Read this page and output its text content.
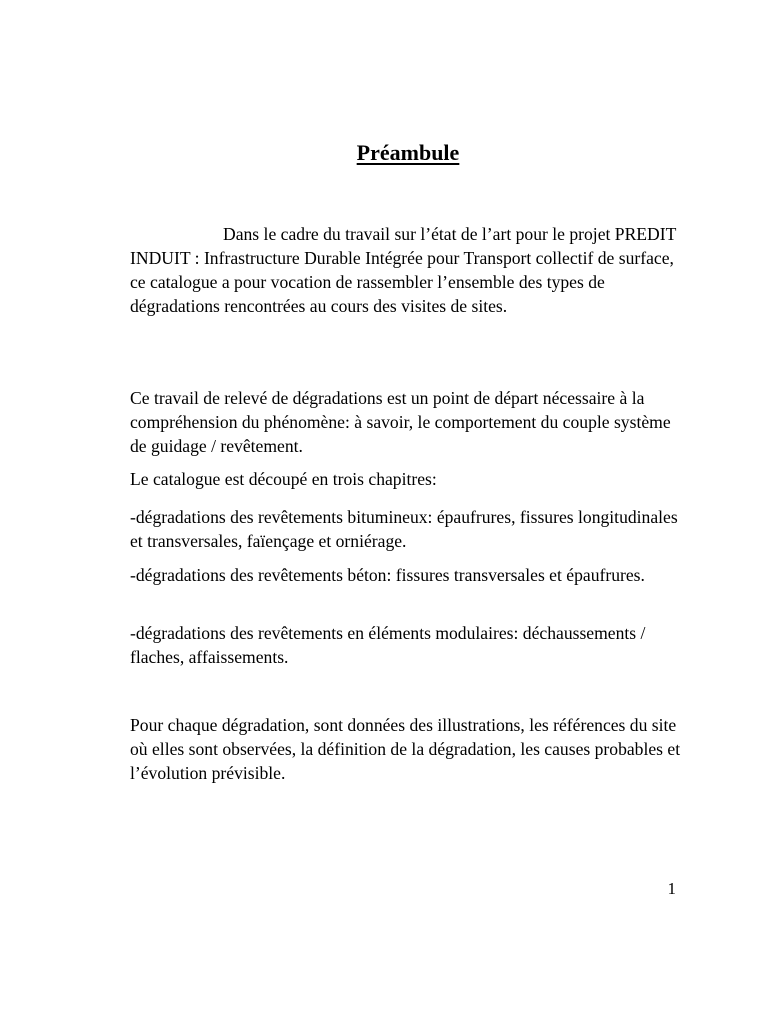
Préambule

Dans le cadre du travail sur l’état de l’art pour le projet PREDIT INDUIT : Infrastructure Durable Intégrée pour Transport collectif de surface, ce catalogue a pour vocation de rassembler l’ensemble des types de dégradations rencontrées au cours des visites de sites.

Ce travail de relevé de dégradations est un point de départ nécessaire à la compréhension du phénomène: à savoir, le comportement du couple système de guidage / revêtement.

Le catalogue est découpé en trois chapitres:

-dégradations des revêtements bitumineux: épaufrures, fissures longitudinales et transversales, faïençage et orniérage.

-dégradations des revêtements béton: fissures transversales et épaufrures.

-dégradations des revêtements en éléments modulaires: déchaussements / flaches, affaissements.

Pour chaque dégradation, sont données des illustrations, les références du site où elles sont observées, la définition de la dégradation, les causes probables et l’évolution prévisible.

1
